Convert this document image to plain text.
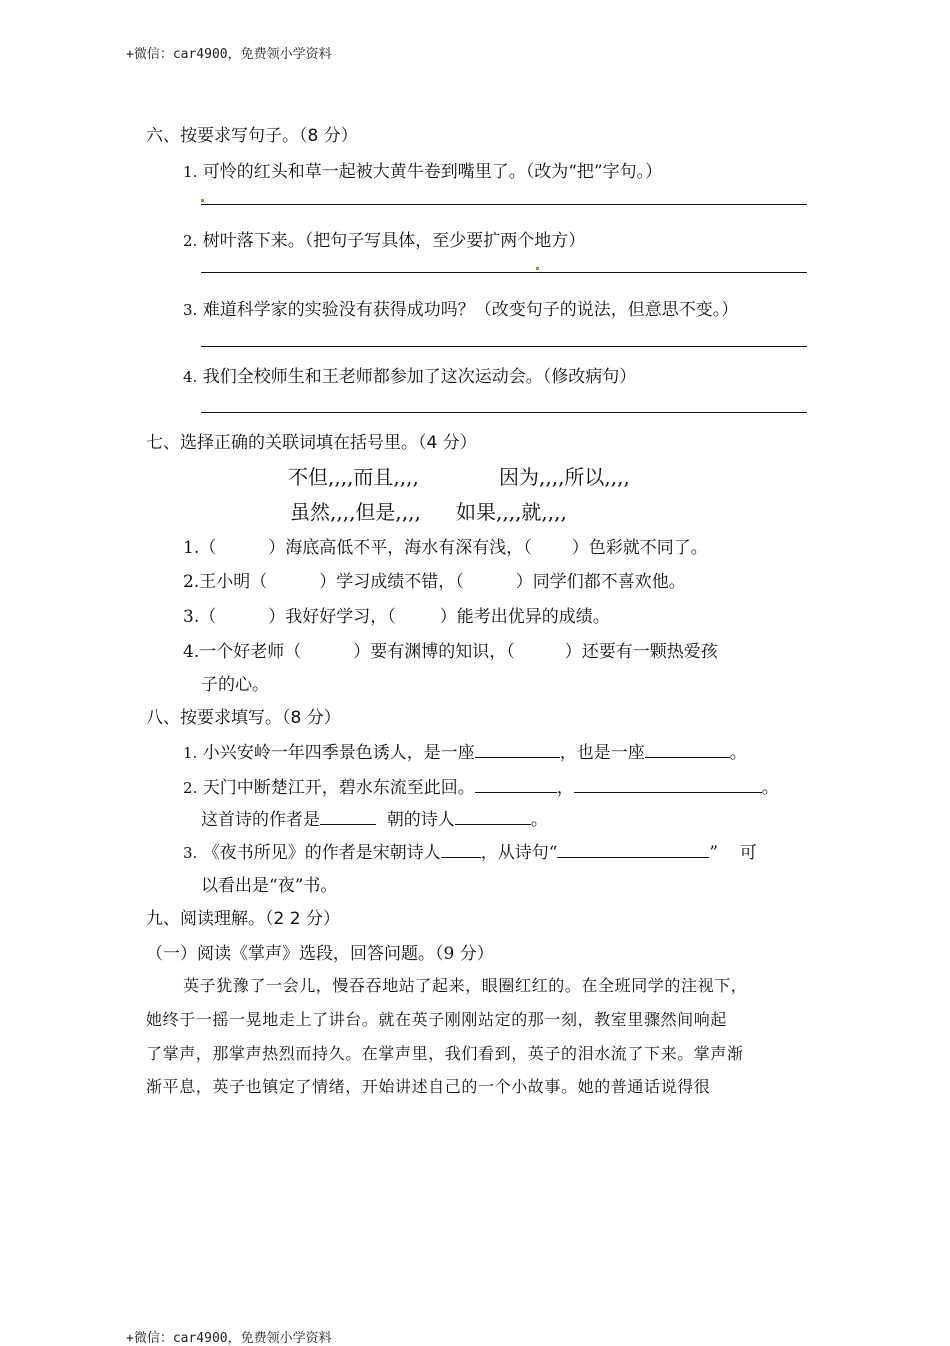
+微信：car4900，免费领小学资料
+微信：car4900，免费领小学资料
六、按要求写句子。（8 分）
1. 可怜的红头和草一起被大黄牛卷到嘴里了。（改为“把”字句。）
2. 树叶落下来。（把句子写具体，至少要扩两个地方）
3. 难道科学家的实验没有获得成功吗？（改变句子的说法，但意思不变。）
4. 我们全校师生和王老师都参加了这次运动会。（修改病句）
七、选择正确的关联词填在括号里。（4 分）
不但,,,,而且,,,,	因为,,,,所以,,,,
虽然,,,,但是,,,, 如果,,,,就,,,,
1.（	）海底高低不平，海水有深有浅，（ ）色彩就不同了。
2.王小明（	）学习成绩不错，（	）同学们都不喜欢他。
3.（	）我好好学习，（	）能考出优异的成绩。
4.一个好老师（	）要有渊博的知识，（	）还要有一颗热爱孩
子的心。
八、按要求填写。（8 分）
1. 小兴安岭一年四季景色诱人，是一座	，也是一座	。
2. 天门中断楚江开，碧水东流至此回。	，	。
这首诗的作者是	朝的诗人	。
3. 《夜书所见》的作者是宋朝诗人 ，从诗句“	” 可
以看出是“夜”书。
九、阅读理解。（2 2 分）
（一）阅读《掌声》选段，回答问题。（9 分）
英子犹豫了一会儿，慢吞吞地站了起来，眼圈红红的。在全班同学的注视下，
她终于一摇一晃地走上了讲台。就在英子刚刚站定的那一刻，教室里骤然间响起
了掌声，那掌声热烈而持久。在掌声里，我们看到，英子的泪水流了下来。掌声渐
渐平息，英子也镇定了情绪，开始讲述自己的一个小故事。她的普通话说得很
